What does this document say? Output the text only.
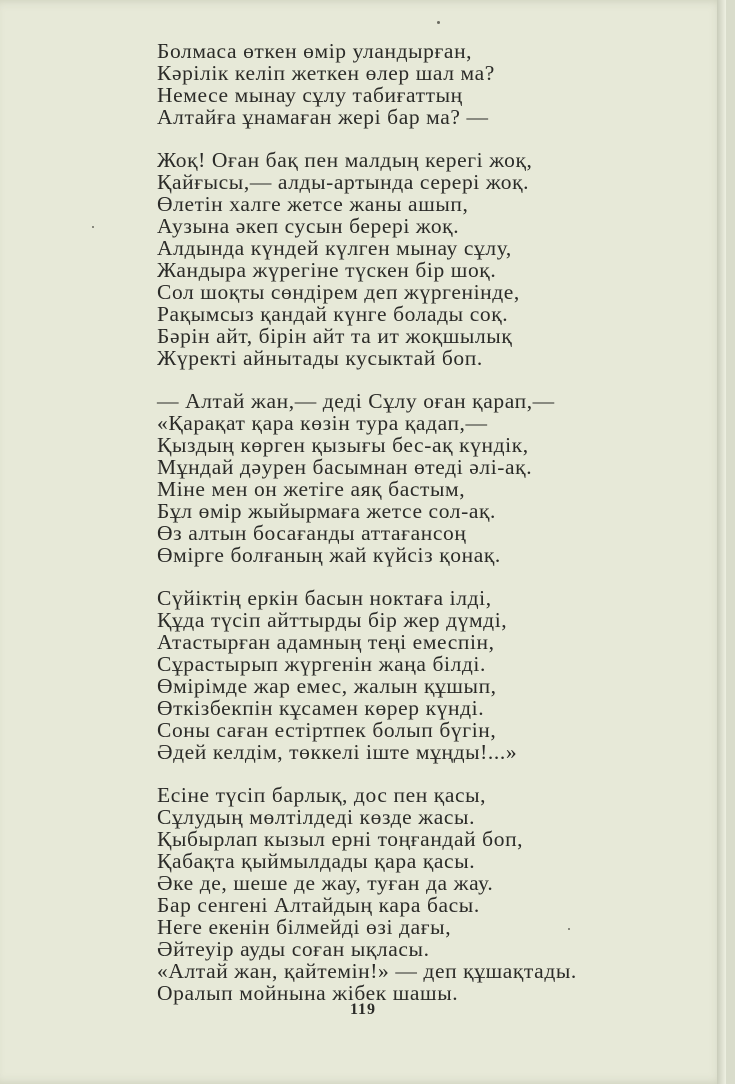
Болмаса өткен өмір уландырған,
Кәрілік келіп жеткен өлер шал ма?
Немесе мынау сұлу табиғаттың
Алтайға ұнамаған жері бар ма? —
Жоқ! Оған бақ пен малдың керегі жоқ,
Қайғысы,— алды-артында серері жоқ.
Өлетін халге жетсе жаны ашып,
Аузына әкеп сусын берері жоқ.
Алдында күндей күлген мынау сұлу,
Жандыра жүрегіне түскен бір шоқ.
Сол шоқты сөндірем деп жүргенінде,
Рақымсыз қандай күнге болады соқ.
Бәрін айт, бірін айт та ит жоқшылық
Жүректі айнытады кусыктай боп.
— Алтай жан,— деді Сұлу оған қарап,—
«Қарақат қара көзін тура қадап,—
Қыздың көрген қызығы бес-ақ күндік,
Мұндай дәурен басымнан өтеді әлі-ақ.
Міне мен он жетіге аяқ бастым,
Бұл өмір жыйырмаға жетсе сол-ақ.
Өз алтын босағанды аттағансоң
Өмірге болғаның жай күйсіз қонақ.
Сүйіктің еркін басын ноктаға ілді,
Құда түсіп айттырды бір жер дүмді,
Атастырған адамның теңі емеспін,
Сұрастырып жүргенін жаңа білді.
Өмірімде жар емес, жалын құшып,
Өткізбекпін кұсамен көрер күнді.
Соны саған естіртпек болып бүгін,
Әдей келдім, төккелі іште мұңды!...»
Есіне түсіп барлық, дос пен қасы,
Сұлудың мөлтілдеді көзде жасы.
Қыбырлап кызыл ерні тоңғандай боп,
Қабақта қыймылдады қара қасы.
Әке де, шеше де жау, туған да жау.
Бар сенгені Алтайдың кара басы.
Неге екенін білмейді өзі дағы,
Әйтеуір ауды соған ықласы.
«Алтай жан, қайтемін!» — деп құшақтады.
Оралып мойнына жібек шашы.
119
